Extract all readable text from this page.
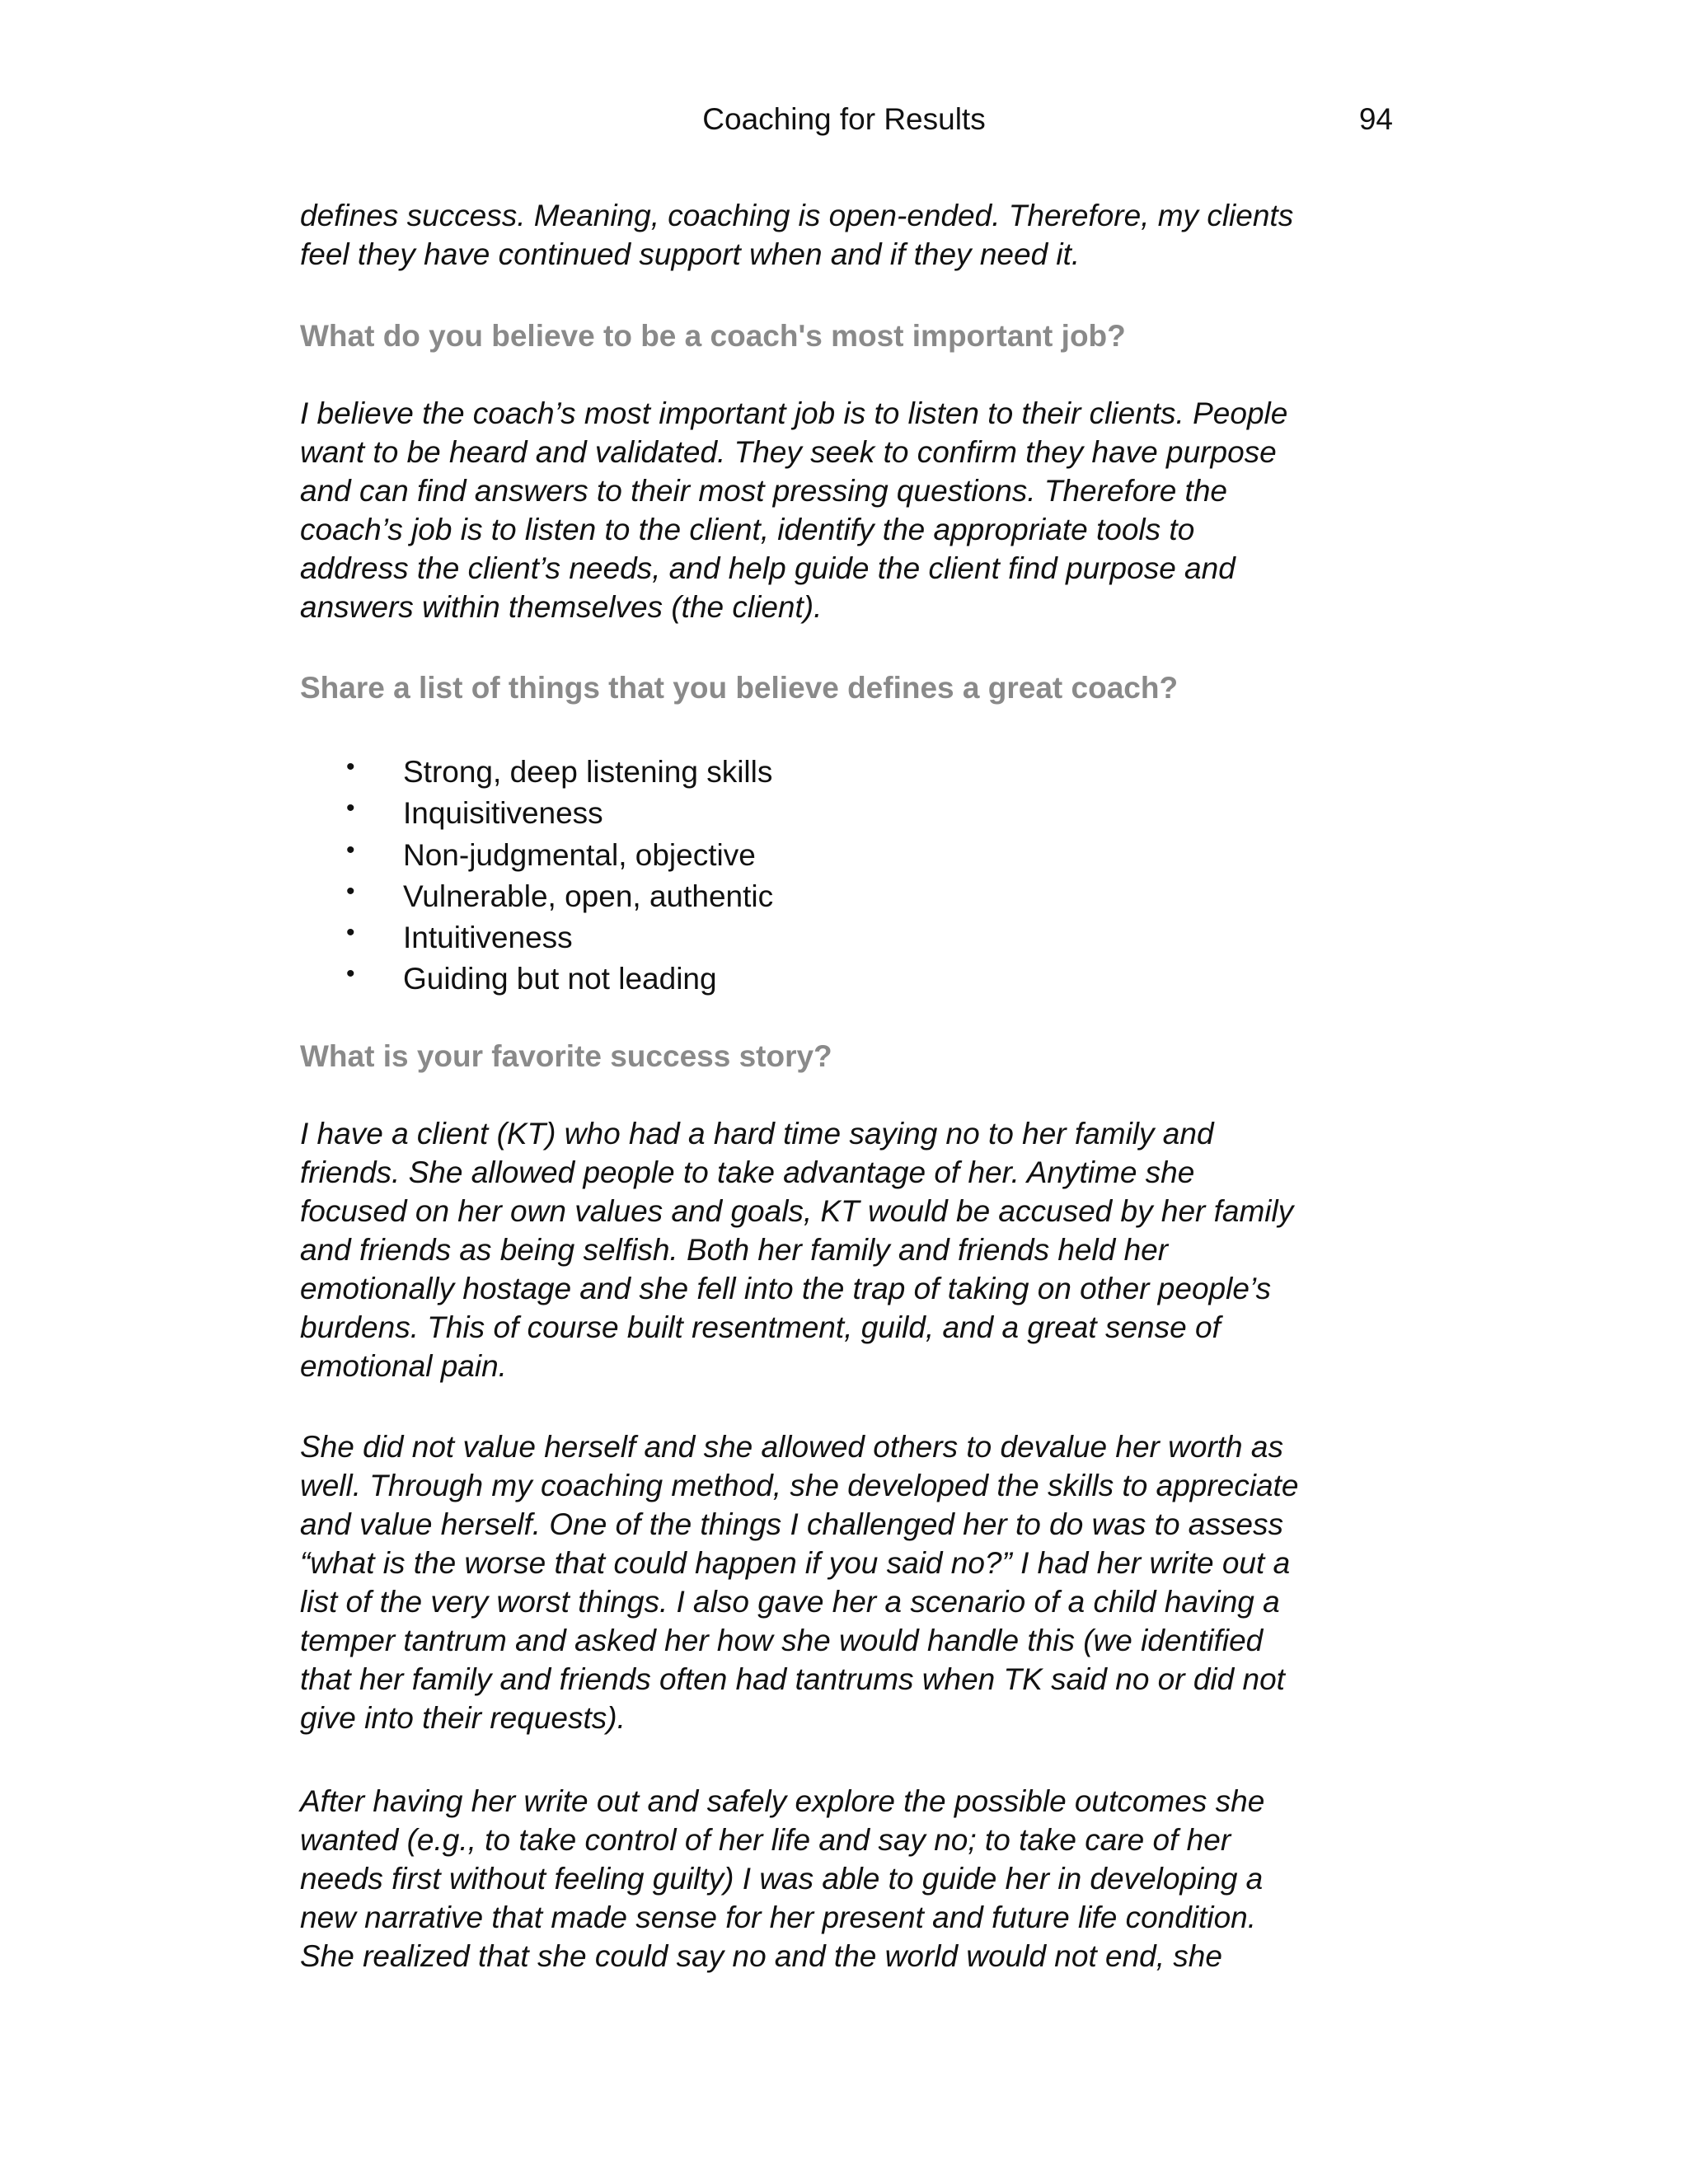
Coaching for Results	94

defines success. Meaning, coaching is open-ended. Therefore, my clients
feel they have continued support when and if they need it.

What do you believe to be a coach's most important job?

I believe the coach’s most important job is to listen to their clients. People
want to be heard and validated. They seek to confirm they have purpose
and can find answers to their most pressing questions. Therefore the
coach’s job is to listen to the client, identify the appropriate tools to
address the client’s needs, and help guide the client find purpose and
answers within themselves (the client).

Share a list of things that you believe defines a great coach?

• Strong, deep listening skills
• Inquisitiveness
• Non-judgmental, objective
• Vulnerable, open, authentic
• Intuitiveness
• Guiding but not leading

What is your favorite success story?

I have a client (KT) who had a hard time saying no to her family and
friends. She allowed people to take advantage of her. Anytime she
focused on her own values and goals, KT would be accused by her family
and friends as being selfish. Both her family and friends held her
emotionally hostage and she fell into the trap of taking on other people’s
burdens. This of course built resentment, guild, and a great sense of
emotional pain.

She did not value herself and she allowed others to devalue her worth as
well. Through my coaching method, she developed the skills to appreciate
and value herself. One of the things I challenged her to do was to assess
“what is the worse that could happen if you said no?” I had her write out a
list of the very worst things. I also gave her a scenario of a child having a
temper tantrum and asked her how she would handle this (we identified
that her family and friends often had tantrums when TK said no or did not
give into their requests).

After having her write out and safely explore the possible outcomes she
wanted (e.g., to take control of her life and say no; to take care of her
needs first without feeling guilty) I was able to guide her in developing a
new narrative that made sense for her present and future life condition.
She realized that she could say no and the world would not end, she
